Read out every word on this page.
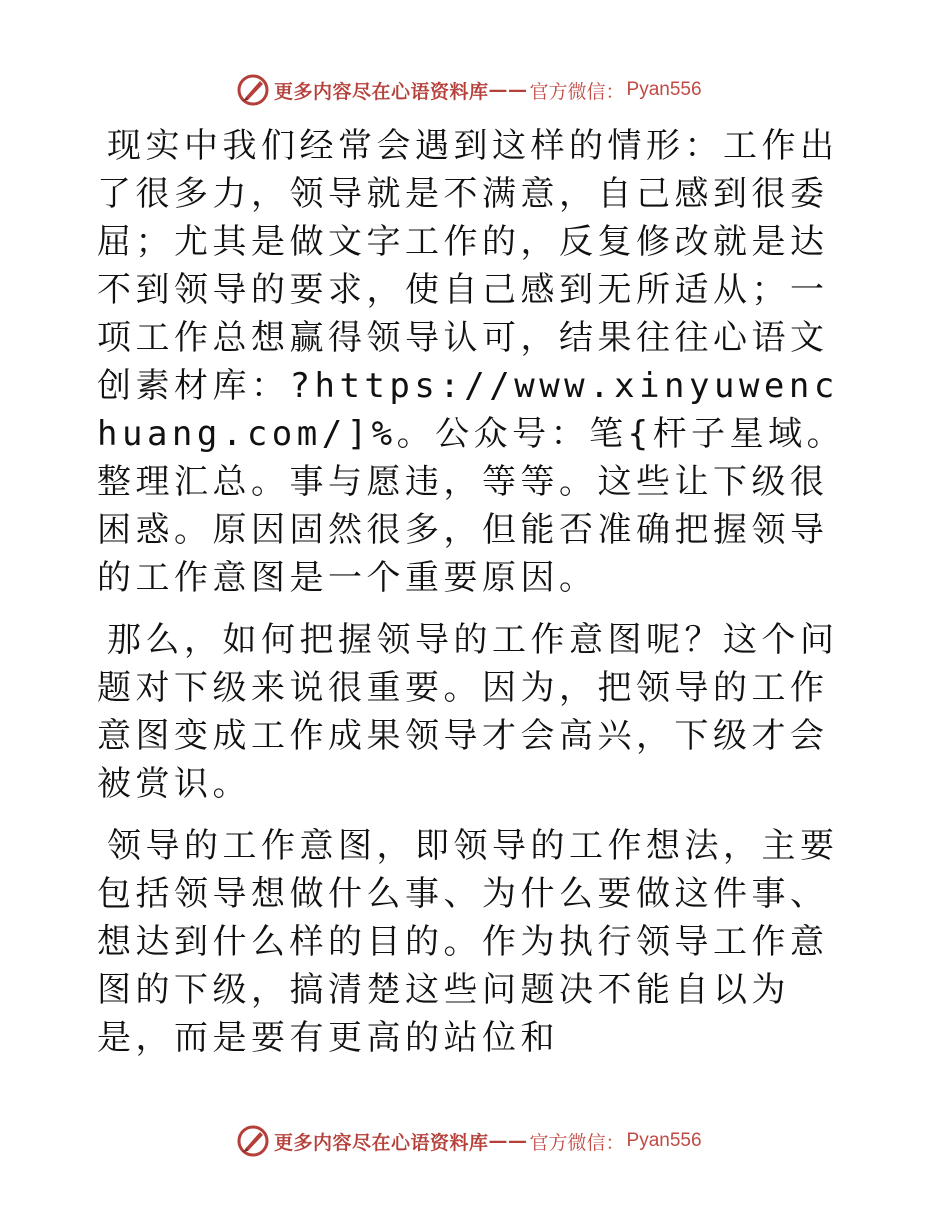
更多内容尽在心语资料库 —— 官方微信： Pyan556

现实中我们经常会遇到这样的情形：工作出了很多力，领导就是不满意，自己感到很委屈；尤其是做文字工作的，反复修改就是达不到领导的要求，使自己感到无所适从；一项工作总想赢得领导认可，结果往往心语文创素材库：?https://www.xinyuwenchuang.com/]%。公众号：笔{杆子星域。整理汇总。事与愿违，等等。这些让下级很困惑。原因固然很多，但能否准确把握领导的工作意图是一个重要原因。

那么，如何把握领导的工作意图呢？这个问题对下级来说很重要。因为，把领导的工作意图变成工作成果领导才会高兴，下级才会被赏识。

领导的工作意图，即领导的工作想法，主要包括领导想做什么事、为什么要做这件事、想达到什么样的目的。作为执行领导工作意图的下级，搞清楚这些问题决不能自以为是，而是要有更高的站位和

更多内容尽在心语资料库 —— 官方微信： Pyan556
